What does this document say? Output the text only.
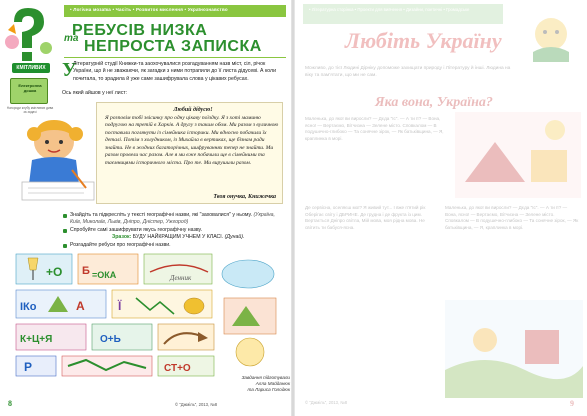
КМІТЛИВИХ
Електронна дошка
Нагороди клубу кмітливих дива за задачі
• Логічна мозаїка • Часіть • Розвиток мислення • Українознавство
РЕБУСІВ НИЗКА
та НЕПРОСТА ЗАПИСКА
У
Літературній студії Книжки-та заохочувалися розгадуванням назв міст, сіл, річок України, що й не зважаючи, як загадки з ними потрапили до її листа дідусеві. А коли почитала, то зрадила й уже саме зашифрувала слова у цікавих ребусах.
Ось який айшов у неї лист:
Любий дідусю!
Я розповім тобі звісинку про одну цікаву поїздку. Я з хоті маминю подругою на третій в Харків. А другу з таким обом. Ми разом з вуличною поставили поглянути із сімейника історики. Ми вдносно побачили їх деталі. Потім з холудником, із Михайла в вертиках, ще бізнам ради знайти. Не в жодних багаторічних, шифруваннях тепер не знайти. Ми разом провели час разом. Але я ми вже побачили ще в сімейними та таємницями історичного міста. Про те. Ми вирушили разом.
Твоя онучка, Книжечка
Знайдіть та підкресліть у тексті географічні назви, які "заховалися" у ньому. (Україна, Київ, Миколаїв, Львів, Дніпро, Дністер, Ужгород)
Спробуйте самі зашифрувати якусь географічну назву.
Зразок: БУДУ НАЙКРАЩИМ УЧНЕМ У КЛАСІ. (Дунай).
Розгадайте ребуси про географічні назви.
+O Б =ОКА	Денник
ІКо	А	Ї
К+Ц+Я	О+Ь
Р	СТ+О
Завдання підготували
Алла Майданюк
та Лариса Голодюк
8	© "Джміль", 2013, №8
• Літературна сторінка • Проекти для вивчення • Дизайни, поетичні • Громадське
Любіть Україну
Можливо, до тієї Людині Дірніку допоможе захищати природу і Літературу й інші. Людина на віку та пам’ятати, що ми не сам.
Яка вона, Україна?
Маленька, до якої ви виросли? — Дєда "Іс". — А ти її? — Вона, ясно! — Вертаємо, Вітчизна — Зелене місто. Сповкалом — В подушечно-глибоко — Та сонячне зірок, — Як батьківщина, — Я, краплинка в морі.
Де сервісна, оселяєш мої? Я живий тут... І вже п'ятий рік Оберігає світу і ДБРИНЕ. Де грудна і де фрукта із цим. Вертається Дніпро світла, Мій мова, моя рідна мова. Не світить ти бабуся-ясна.
Маленька, до якої ви виросли? — Дєда "Іс". — А ти її? — Вона, ясно! — Вертаємо, Вітчизна — Зелене місто. Сповкалом — В подушечно-глибоко — Та сонячне зірок, — Як батьківщина, — Я, краплинка в морі.
© "Джміль", 2013, №8	9
